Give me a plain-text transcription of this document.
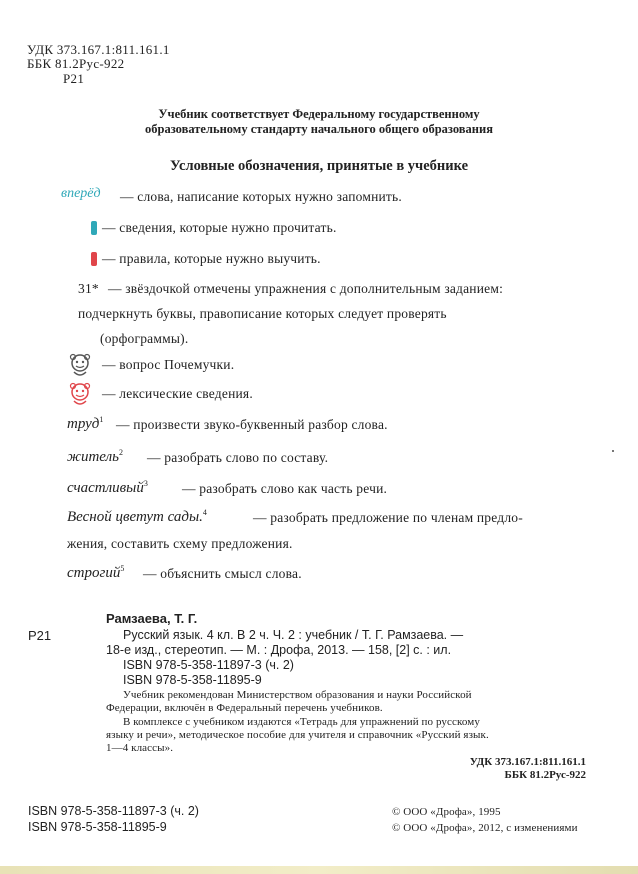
УДК 373.167.1:811.161.1
ББК 81.2Рус-922
Р21
Учебник соответствует Федеральному государственному
образовательному стандарту начального общего образования
Условные обозначения, принятые в учебнике
вперёд — слова, написание которых нужно запомнить.
— сведения, которые нужно прочитать.
— правила, которые нужно выучить.
31* — звёздочкой отмечены упражнения с дополнительным заданием:
подчеркнуть буквы, правописание которых следует проверять
(орфограммы).
— вопрос Почемучки.
— лексические сведения.
труд$^1$ — произвести звуко-буквенный разбор слова.
житель$^2$ — разобрать слово по составу.
счастливый$^3$	— разобрать слово как часть речи.
Весной цветут сады.$^4$	— разобрать предложение по членам предло-
жения, составить схему предложения.
строгий$^5$ — объяснить смысл слова.
Р21
Рамзаева, Т. Г.
Русский язык. 4 кл. В 2 ч. Ч. 2 : учебник / Т. Г. Рамзаева. —
18-е изд., стереотип. — М. : Дрофа, 2013. — 158, [2] с. : ил.
ISBN 978-5-358-11897-3 (ч. 2)
ISBN 978-5-358-11895-9
Учебник рекомендован Министерством образования и науки Российской
Федерации, включён в Федеральный перечень учебников.
В комплексе с учебником издаются «Тетрадь для упражнений по русскому
языку и речи», методическое пособие для учителя и справочник «Русский язык.
1—4 классы».
УДК 373.167.1:811.161.1
ББК 81.2Рус-922
ISBN 978-5-358-11897-3 (ч. 2)
ISBN 978-5-358-11895-9
© ООО «Дрофа», 1995
© ООО «Дрофа», 2012, с изменениями
